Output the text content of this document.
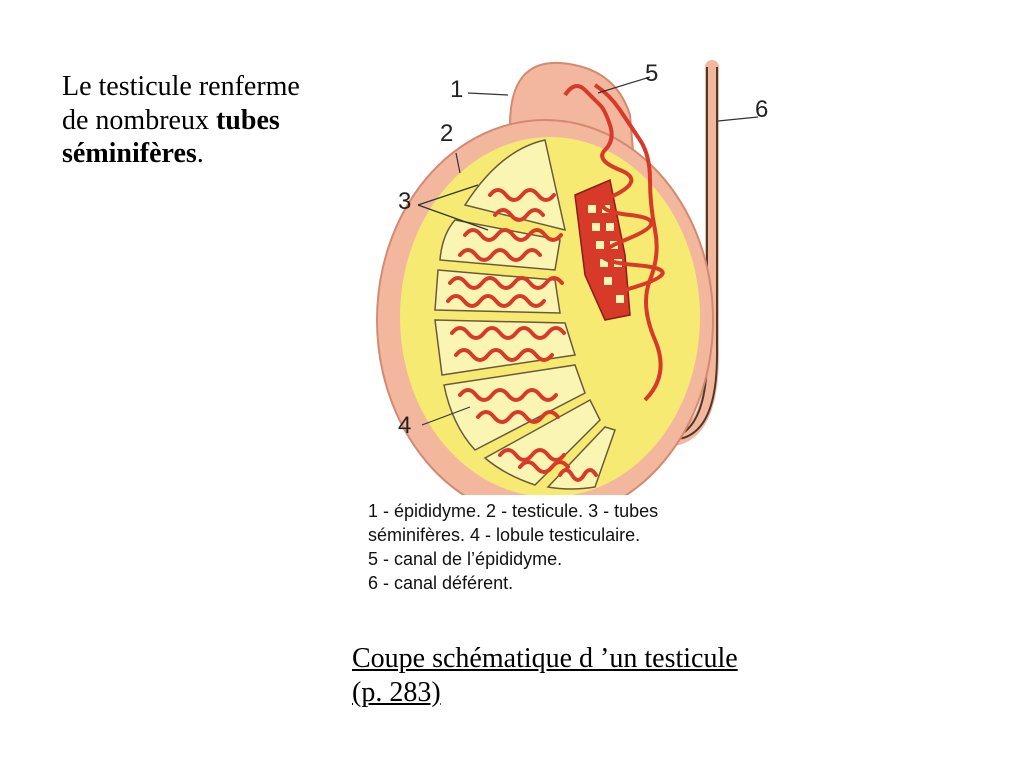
Le testicule renferme de nombreux tubes séminifères.
1
2
3
4
5
6
1 - épididyme. 2 - testicule. 3 - tubes
séminifères. 4 - lobule testiculaire.
5 - canal de l’épididyme.
6 - canal déférent.
Coupe schématique d ’un testicule
(p. 283)
